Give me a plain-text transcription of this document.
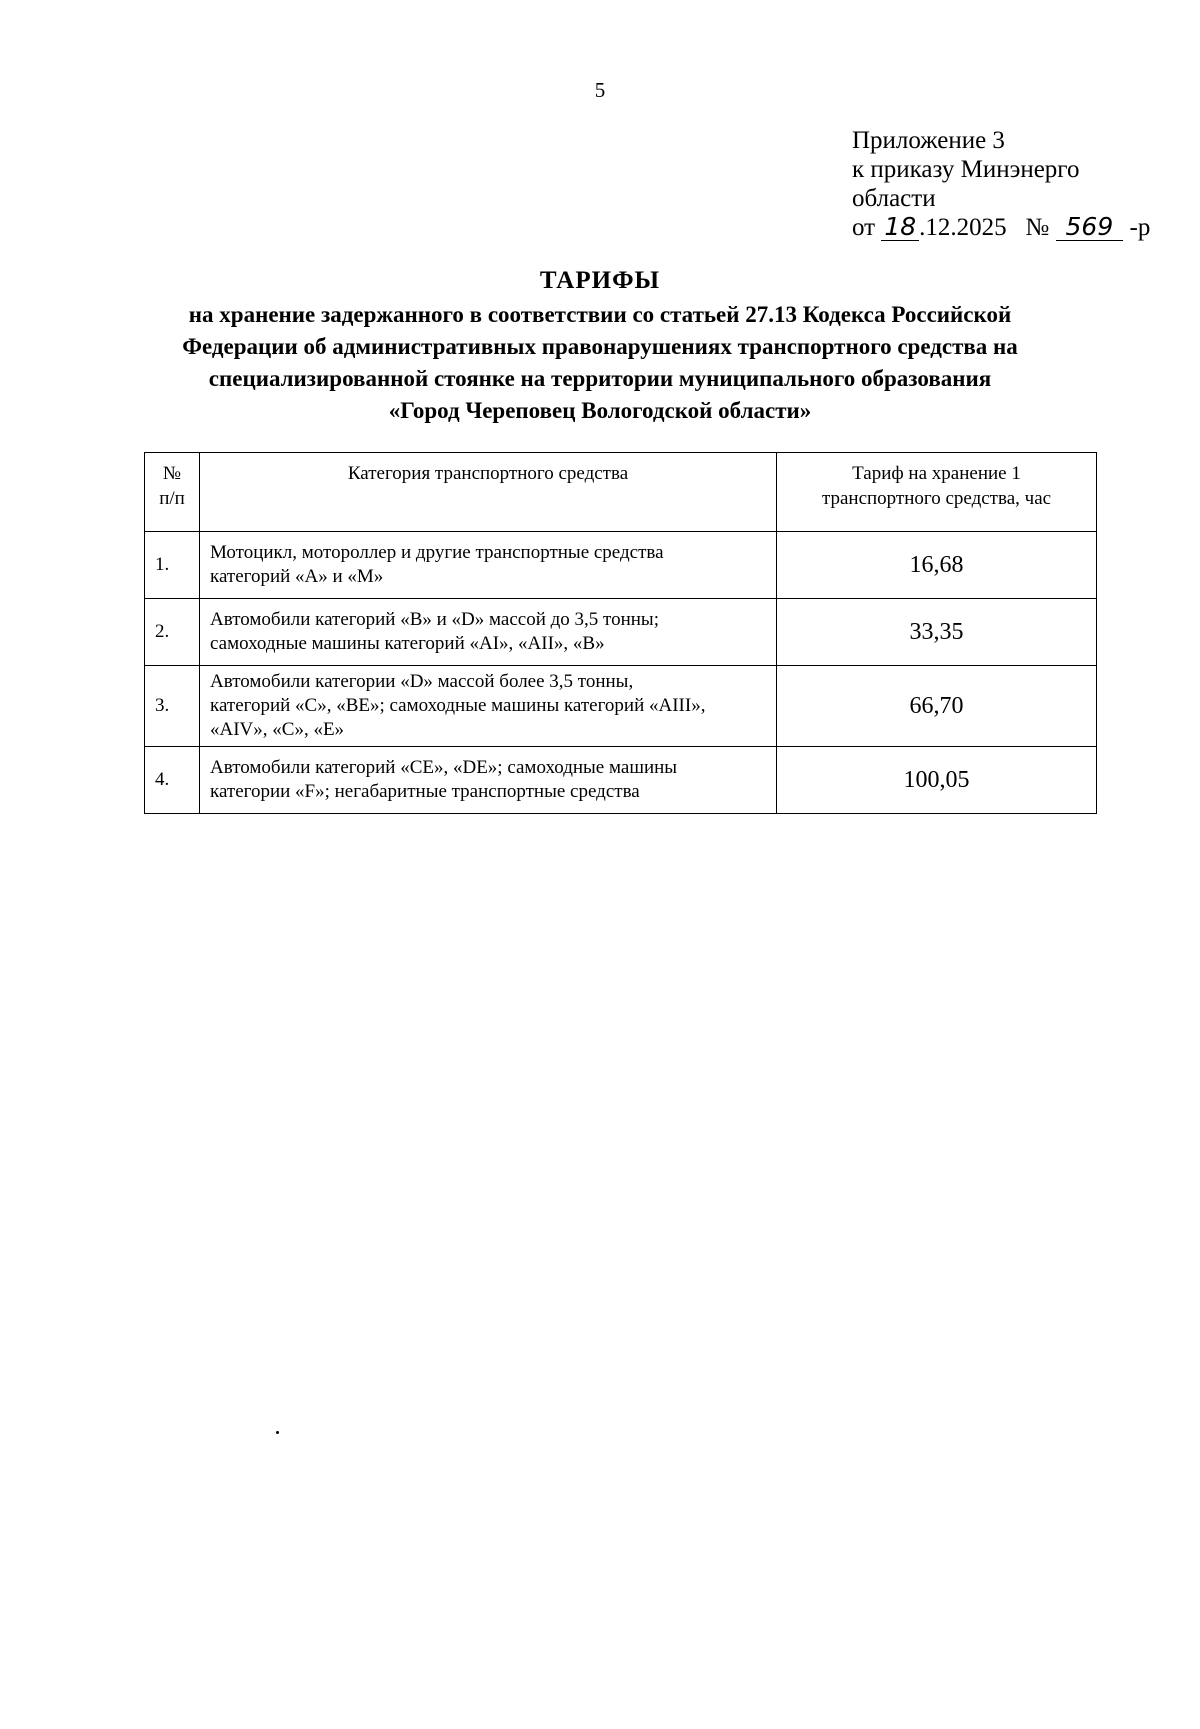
5
Приложение 3
к приказу Минэнерго
области
от 18 .12.2025 № 569 -р
ТАРИФЫ
на хранение задержанного в соответствии со статьей 27.13 Кодекса Российской
Федерации об административных правонарушениях транспортного средства на
специализированной стоянке на территории муниципального образования
«Город Череповец Вологодской области»
№
п/п	Категория транспортного средства	Тариф на хранение 1
транспортного средства, час
1.	Мотоцикл, мотороллер и другие транспортные средства
категорий «А» и «М»	16,68
2.	Автомобили категорий «В» и «D» массой до 3,5 тонны;
самоходные машины категорий «AI», «AII», «В»	33,35
3.	Автомобили категории «D» массой более 3,5 тонны,
категорий «С», «ВЕ»; самоходные машины категорий «AIII»,
«AIV», «С», «Е»	66,70
4.	Автомобили категорий «СЕ», «DЕ»; самоходные машины
категории «F»; негабаритные транспортные средства	100,05
